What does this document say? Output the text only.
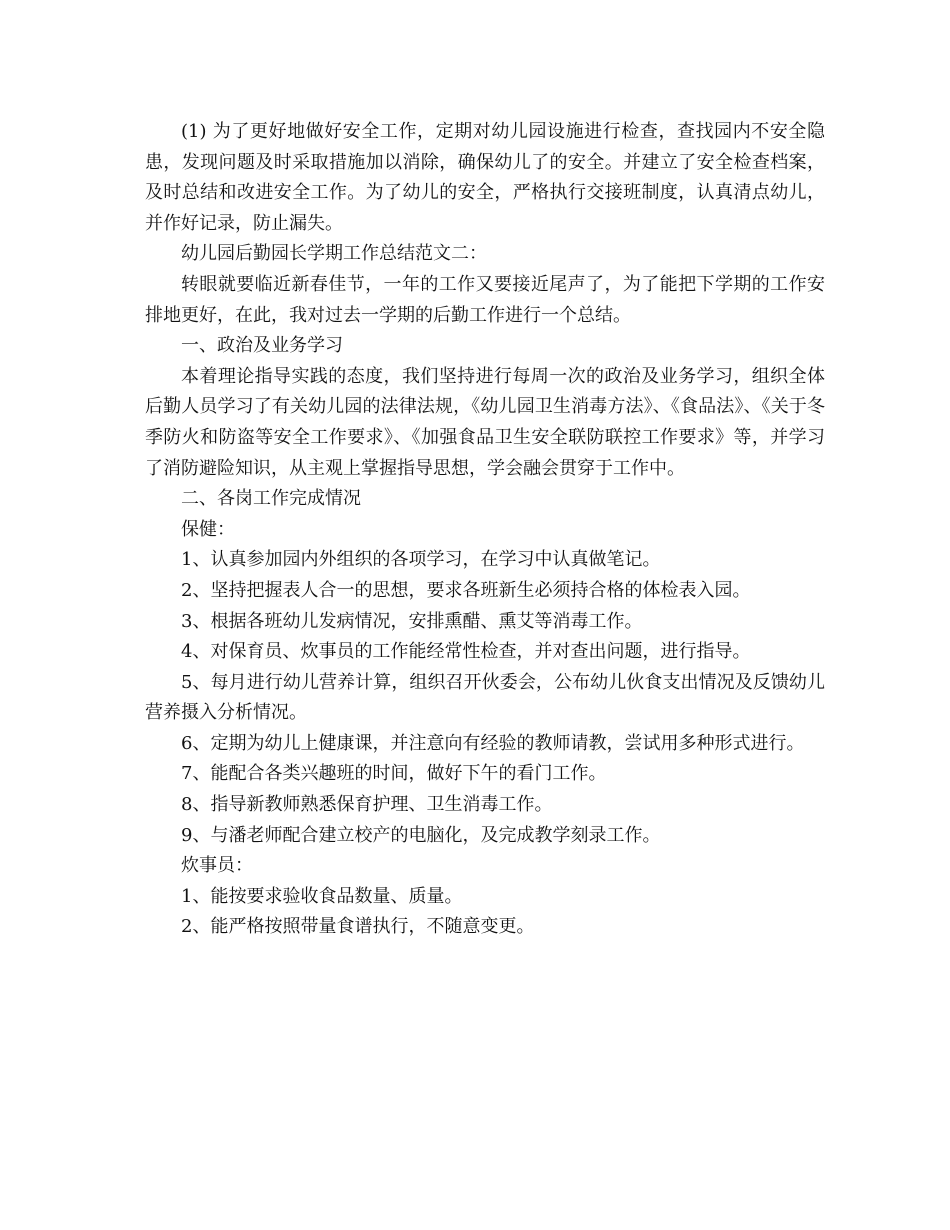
(1) 为了更好地做好安全工作，定期对幼儿园设施进行检查，查找园内不安全隐患，发现问题及时采取措施加以消除，确保幼儿了的安全。并建立了安全检查档案，及时总结和改进安全工作。为了幼儿的安全，严格执行交接班制度，认真清点幼儿，并作好记录，防止漏失。

幼儿园后勤园长学期工作总结范文二：

转眼就要临近新春佳节，一年的工作又要接近尾声了，为了能把下学期的工作安排地更好，在此，我对过去一学期的后勤工作进行一个总结。

一、政治及业务学习

本着理论指导实践的态度，我们坚持进行每周一次的政治及业务学习，组织全体后勤人员学习了有关幼儿园的法律法规，《幼儿园卫生消毒方法》、《食品法》、《关于冬季防火和防盗等安全工作要求》、《加强食品卫生安全联防联控工作要求》等，并学习了消防避险知识，从主观上掌握指导思想，学会融会贯穿于工作中。

二、各岗工作完成情况

保健：

1、认真参加园内外组织的各项学习，在学习中认真做笔记。

2、坚持把握表人合一的思想，要求各班新生必须持合格的体检表入园。

3、根据各班幼儿发病情况，安排熏醋、熏艾等消毒工作。

4、对保育员、炊事员的工作能经常性检查，并对查出问题，进行指导。

5、每月进行幼儿营养计算，组织召开伙委会，公布幼儿伙食支出情况及反馈幼儿营养摄入分析情况。

6、定期为幼儿上健康课，并注意向有经验的教师请教，尝试用多种形式进行。

7、能配合各类兴趣班的时间，做好下午的看门工作。

8、指导新教师熟悉保育护理、卫生消毒工作。

9、与潘老师配合建立校产的电脑化，及完成教学刻录工作。

炊事员：

1、能按要求验收食品数量、质量。

2、能严格按照带量食谱执行，不随意变更。
